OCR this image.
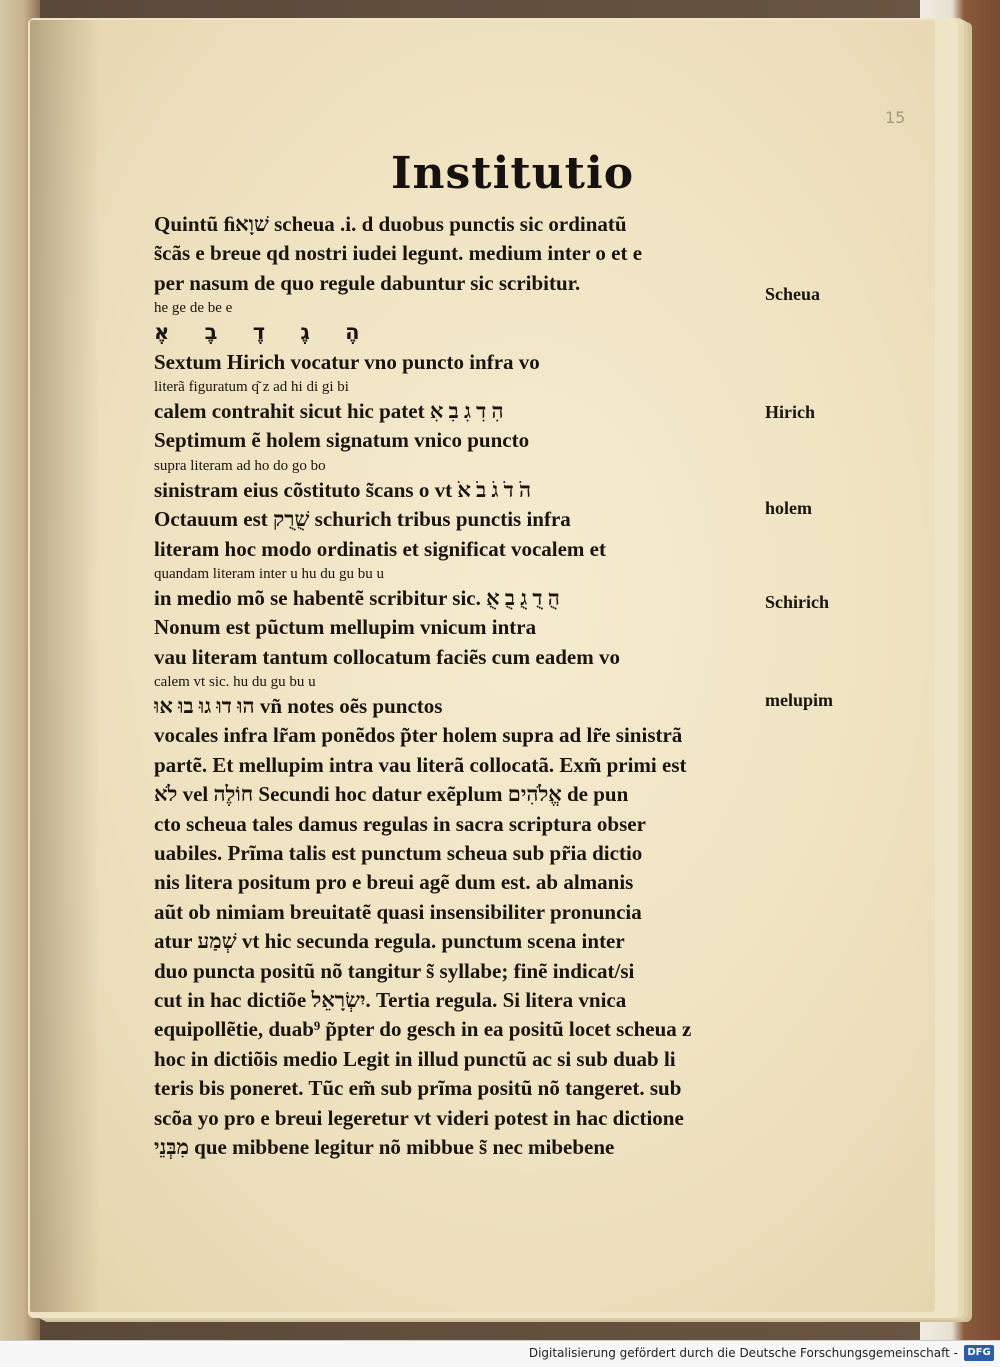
15
Institutio
Quintũ ﬁשׁוָא scheua .i. d duobus punctis sic ordinatũ
s͂cãs e breue qd nostri iudei legunt. medium inter o et e
per nasum de quo regule dabuntur sic scribitur.
he ge de be e
הֶ גֶ דֶ בֶ אֶ
Sextum Hirich vocatur vno puncto infra vo
literã figuratum q͂ z ad hi di gi bi
calem contrahit sicut hic patet הִ דִ גִ בִ אִ
Septimum ẽ holem signatum vnico puncto
supra literam ad ho do go bo
sinistram eius cõstituto s͂cans o vt הֹ דֹ גֹ בֹ אֹ
Octauum est שֻׁרֻק schurich tribus punctis infra
literam hoc modo ordinatis et significat vocalem et
quandam literam inter u hu du gu bu u
in medio mõ se habentẽ scribitur sic. הֻ דֻ גֻ בֻ אֻ
Nonum est pũctum mellupim vnicum intra
vau literam tantum collocatum faciẽs cum eadem vo
calem vt sic. hu du gu bu u
הוּ דוּ גוּ בוּ אוּ vn͂ notes oẽs punctos
vocales infra lr̃am ponẽdos p͂ter holem supra ad lr̃e sinistrã
partẽ. Et mellupim intra vau literã collocatã. Exm͂ primi est
לֹא vel חוֹלֶה Secundi hoc datur exẽplum אֱלֹהִים de pun
cto scheua tales damus regulas in sacra scriptura obser
uabiles. Prĩma talis est punctum scheua sub pr̃ia dictio
nis litera positum pro e breui agẽ dum est. ab almanis
aũt ob nimiam breuitatẽ quasi insensibiliter pronuncia
atur שְׁמַע vt hic secunda regula. punctum scena inter
duo puncta positũ nõ tangitur s͂ syllabe; finẽ indicat/si
cut in hac dictiõe יִשְׂרָאֵל. Tertia regula. Si litera vnica
equipollẽtie, duab⁹ p͂pter do gesch in ea positũ locet scheua z
hoc in dictiõis medio Legit in illud punctũ ac si sub duab li
teris bis poneret. Tũc em̃ sub prĩma positũ nõ tangeret. sub
scõa yo pro e breui legeretur vt videri potest in hac dictione
מִבְּנֵי que mibbene legitur nõ mibbue s͂ nec mibebene
Scheua
Hirich
holem
Schirich
melupim
Digitalisierung gefördert durch die Deutsche Forschungsgemeinschaft - DFG
